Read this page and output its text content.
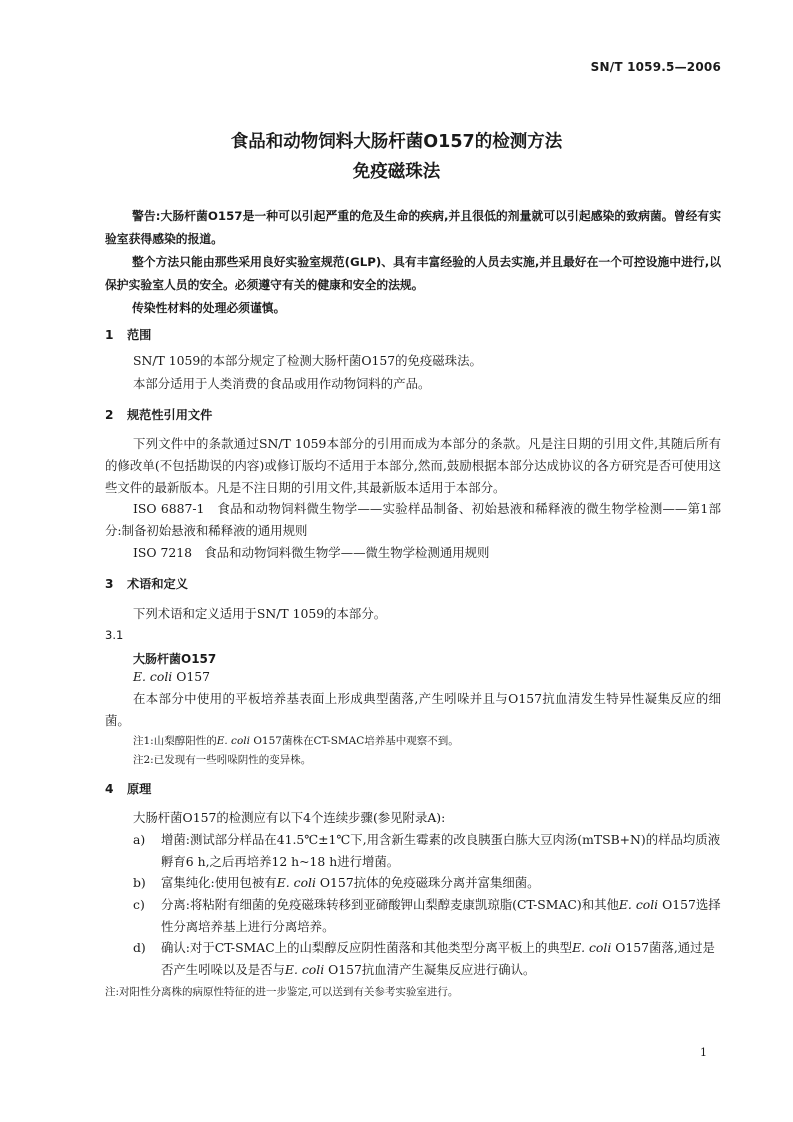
SN/T 1059.5—2006
食品和动物饲料大肠杆菌O157的检测方法
免疫磁珠法
警告:大肠杆菌O157是一种可以引起严重的危及生命的疾病,并且很低的剂量就可以引起感染的致病菌。曾经有实验室获得感染的报道。
整个方法只能由那些采用良好实验室规范(GLP)、具有丰富经验的人员去实施,并且最好在一个可控设施中进行,以保护实验室人员的安全。必须遵守有关的健康和安全的法规。
传染性材料的处理必须谨慎。
1 范围
SN/T 1059的本部分规定了检测大肠杆菌O157的免疫磁珠法。
本部分适用于人类消费的食品或用作动物饲料的产品。
2 规范性引用文件
下列文件中的条款通过SN/T 1059本部分的引用而成为本部分的条款。凡是注日期的引用文件,其随后所有的修改单(不包括勘误的内容)或修订版均不适用于本部分,然而,鼓励根据本部分达成协议的各方研究是否可使用这些文件的最新版本。凡是不注日期的引用文件,其最新版本适用于本部分。
ISO 6887-1　食品和动物饲料微生物学——实验样品制备、初始悬液和稀释液的微生物学检测——第1部分:制备初始悬液和稀释液的通用规则
ISO 7218　食品和动物饲料微生物学——微生物学检测通用规则
3 术语和定义
下列术语和定义适用于SN/T 1059的本部分。
3.1
大肠杆菌O157
E. coli O157
在本部分中使用的平板培养基表面上形成典型菌落,产生吲哚并且与O157抗血清发生特异性凝集反应的细菌。
注1:山梨醇阳性的E. coli O157菌株在CT-SMAC培养基中观察不到。
注2:已发现有一些吲哚阴性的变异株。
4 原理
大肠杆菌O157的检测应有以下4个连续步骤(参见附录A):
a) 增菌:测试部分样品在41.5℃±1℃下,用含新生霉素的改良胰蛋白胨大豆肉汤(mTSB+N)的样品均质液孵育6 h,之后再培养12 h~18 h进行增菌。
b) 富集纯化:使用包被有E. coli O157抗体的免疫磁珠分离并富集细菌。
c) 分离:将粘附有细菌的免疫磁珠转移到亚碲酸钾山梨醇麦康凯琼脂(CT-SMAC)和其他E. coli O157选择性分离培养基上进行分离培养。
d) 确认:对于CT-SMAC上的山梨醇反应阴性菌落和其他类型分离平板上的典型E. coli O157菌落,通过是否产生吲哚以及是否与E. coli O157抗血清产生凝集反应进行确认。
注:对阳性分离株的病原性特征的进一步鉴定,可以送到有关参考实验室进行。
1
